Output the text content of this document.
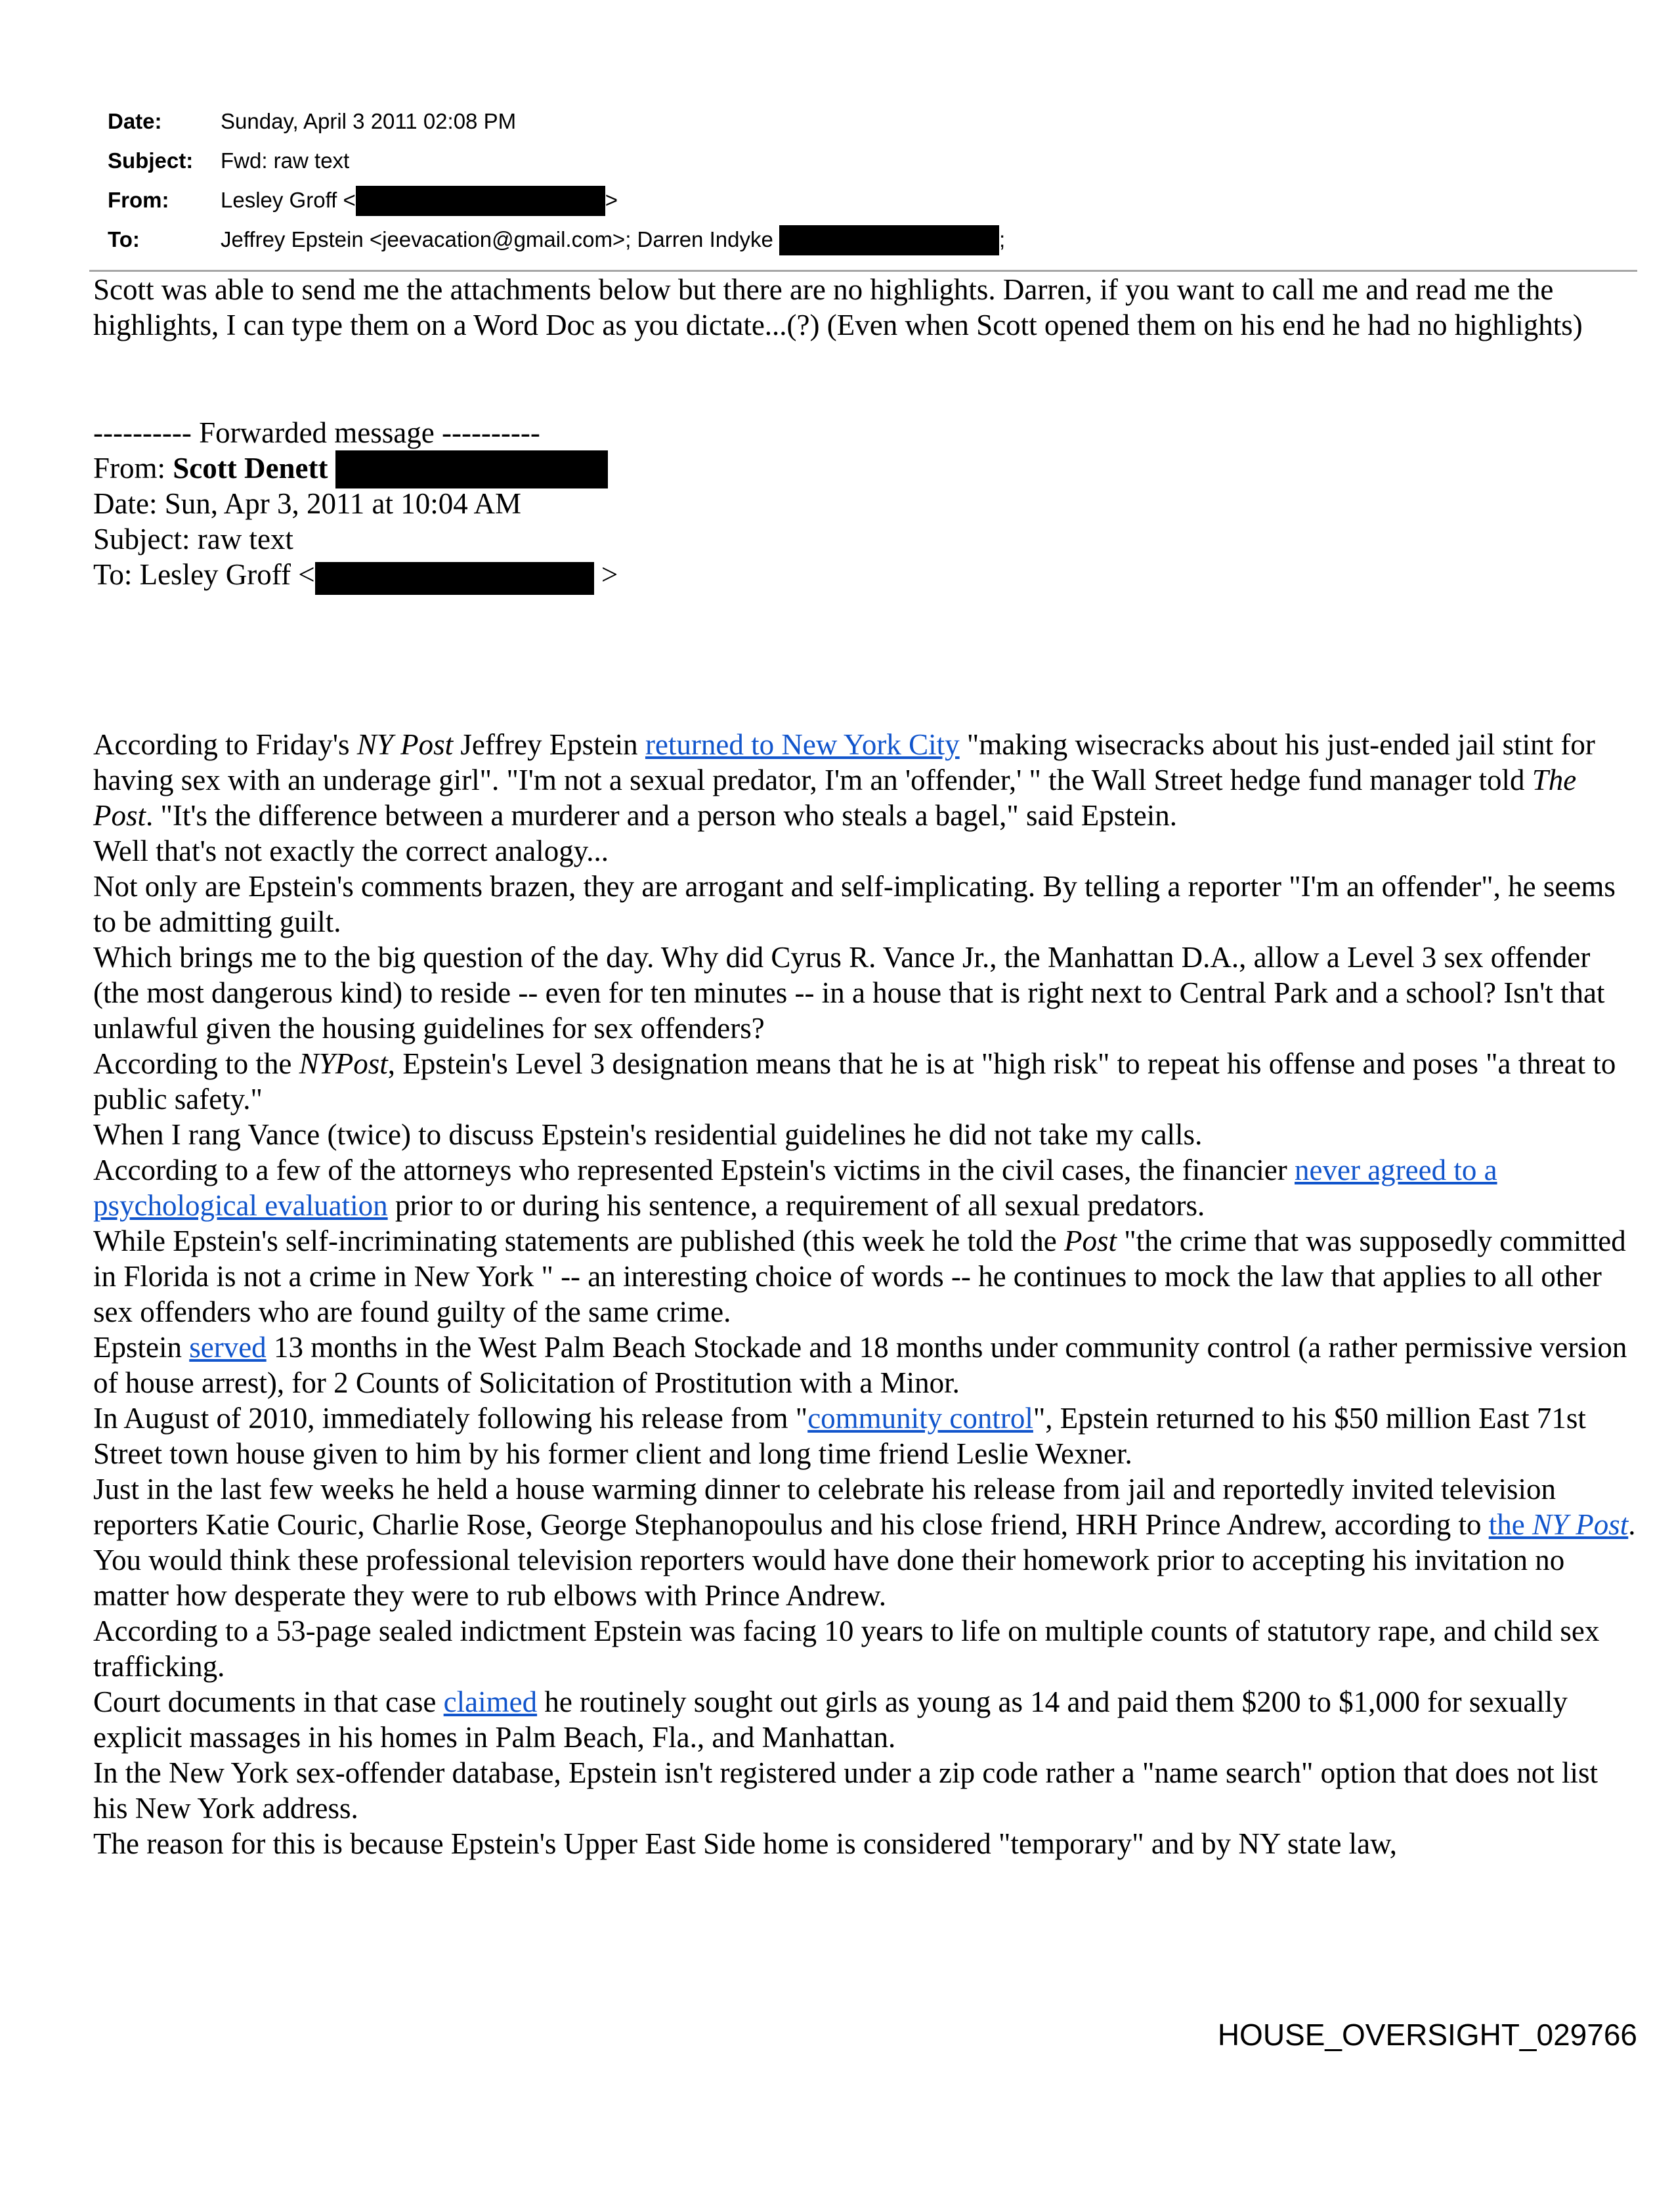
Date:	Sunday, April 3 2011 02:08 PM
Subject:	Fwd: raw text
From:	Lesley Groff <	>
To:	Jeffrey Epstein <jeevacation@gmail.com>; Darren Indyke	;
Scott was able to send me the attachments below but there are no highlights. Darren, if you want to call me and read me the highlights, I can type them on a Word Doc as you dictate...(?) (Even when Scott opened them on his end he had no highlights)
---------- Forwarded message ----------
From: Scott Denett
Date: Sun, Apr 3, 2011 at 10:04 AM
Subject: raw text
To: Lesley Groff <	>
According to Friday's NY Post Jeffrey Epstein returned to New York City "making wisecracks about his just-ended jail stint for having sex with an underage girl". "I'm not a sexual predator, I'm an 'offender,' " the Wall Street hedge fund manager told The Post. "It's the difference between a murderer and a person who steals a bagel," said Epstein.
Well that's not exactly the correct analogy...
Not only are Epstein's comments brazen, they are arrogant and self-implicating. By telling a reporter "I'm an offender", he seems to be admitting guilt.
Which brings me to the big question of the day. Why did Cyrus R. Vance Jr., the Manhattan D.A., allow a Level 3 sex offender (the most dangerous kind) to reside -- even for ten minutes -- in a house that is right next to Central Park and a school? Isn't that unlawful given the housing guidelines for sex offenders?
According to the NYPost, Epstein's Level 3 designation means that he is at "high risk" to repeat his offense and poses "a threat to public safety."
When I rang Vance (twice) to discuss Epstein's residential guidelines he did not take my calls.
According to a few of the attorneys who represented Epstein's victims in the civil cases, the financier never agreed to a psychological evaluation prior to or during his sentence, a requirement of all sexual predators.
While Epstein's self-incriminating statements are published (this week he told the Post "the crime that was supposedly committed in Florida is not a crime in New York " -- an interesting choice of words -- he continues to mock the law that applies to all other sex offenders who are found guilty of the same crime.
Epstein served 13 months in the West Palm Beach Stockade and 18 months under community control (a rather permissive version of house arrest), for 2 Counts of Solicitation of Prostitution with a Minor.
In August of 2010, immediately following his release from "community control", Epstein returned to his $50 million East 71st Street town house given to him by his former client and long time friend Leslie Wexner.
Just in the last few weeks he held a house warming dinner to celebrate his release from jail and reportedly invited television reporters Katie Couric, Charlie Rose, George Stephanopoulus and his close friend, HRH Prince Andrew, according to the NY Post.
You would think these professional television reporters would have done their homework prior to accepting his invitation no matter how desperate they were to rub elbows with Prince Andrew.
According to a 53-page sealed indictment Epstein was facing 10 years to life on multiple counts of statutory rape, and child sex trafficking.
Court documents in that case claimed he routinely sought out girls as young as 14 and paid them $200 to $1,000 for sexually explicit massages in his homes in Palm Beach, Fla., and Manhattan.
In the New York sex-offender database, Epstein isn't registered under a zip code rather a "name search" option that does not list his New York address.
The reason for this is because Epstein's Upper East Side home is considered "temporary" and by NY state law,
HOUSE_OVERSIGHT_029766
